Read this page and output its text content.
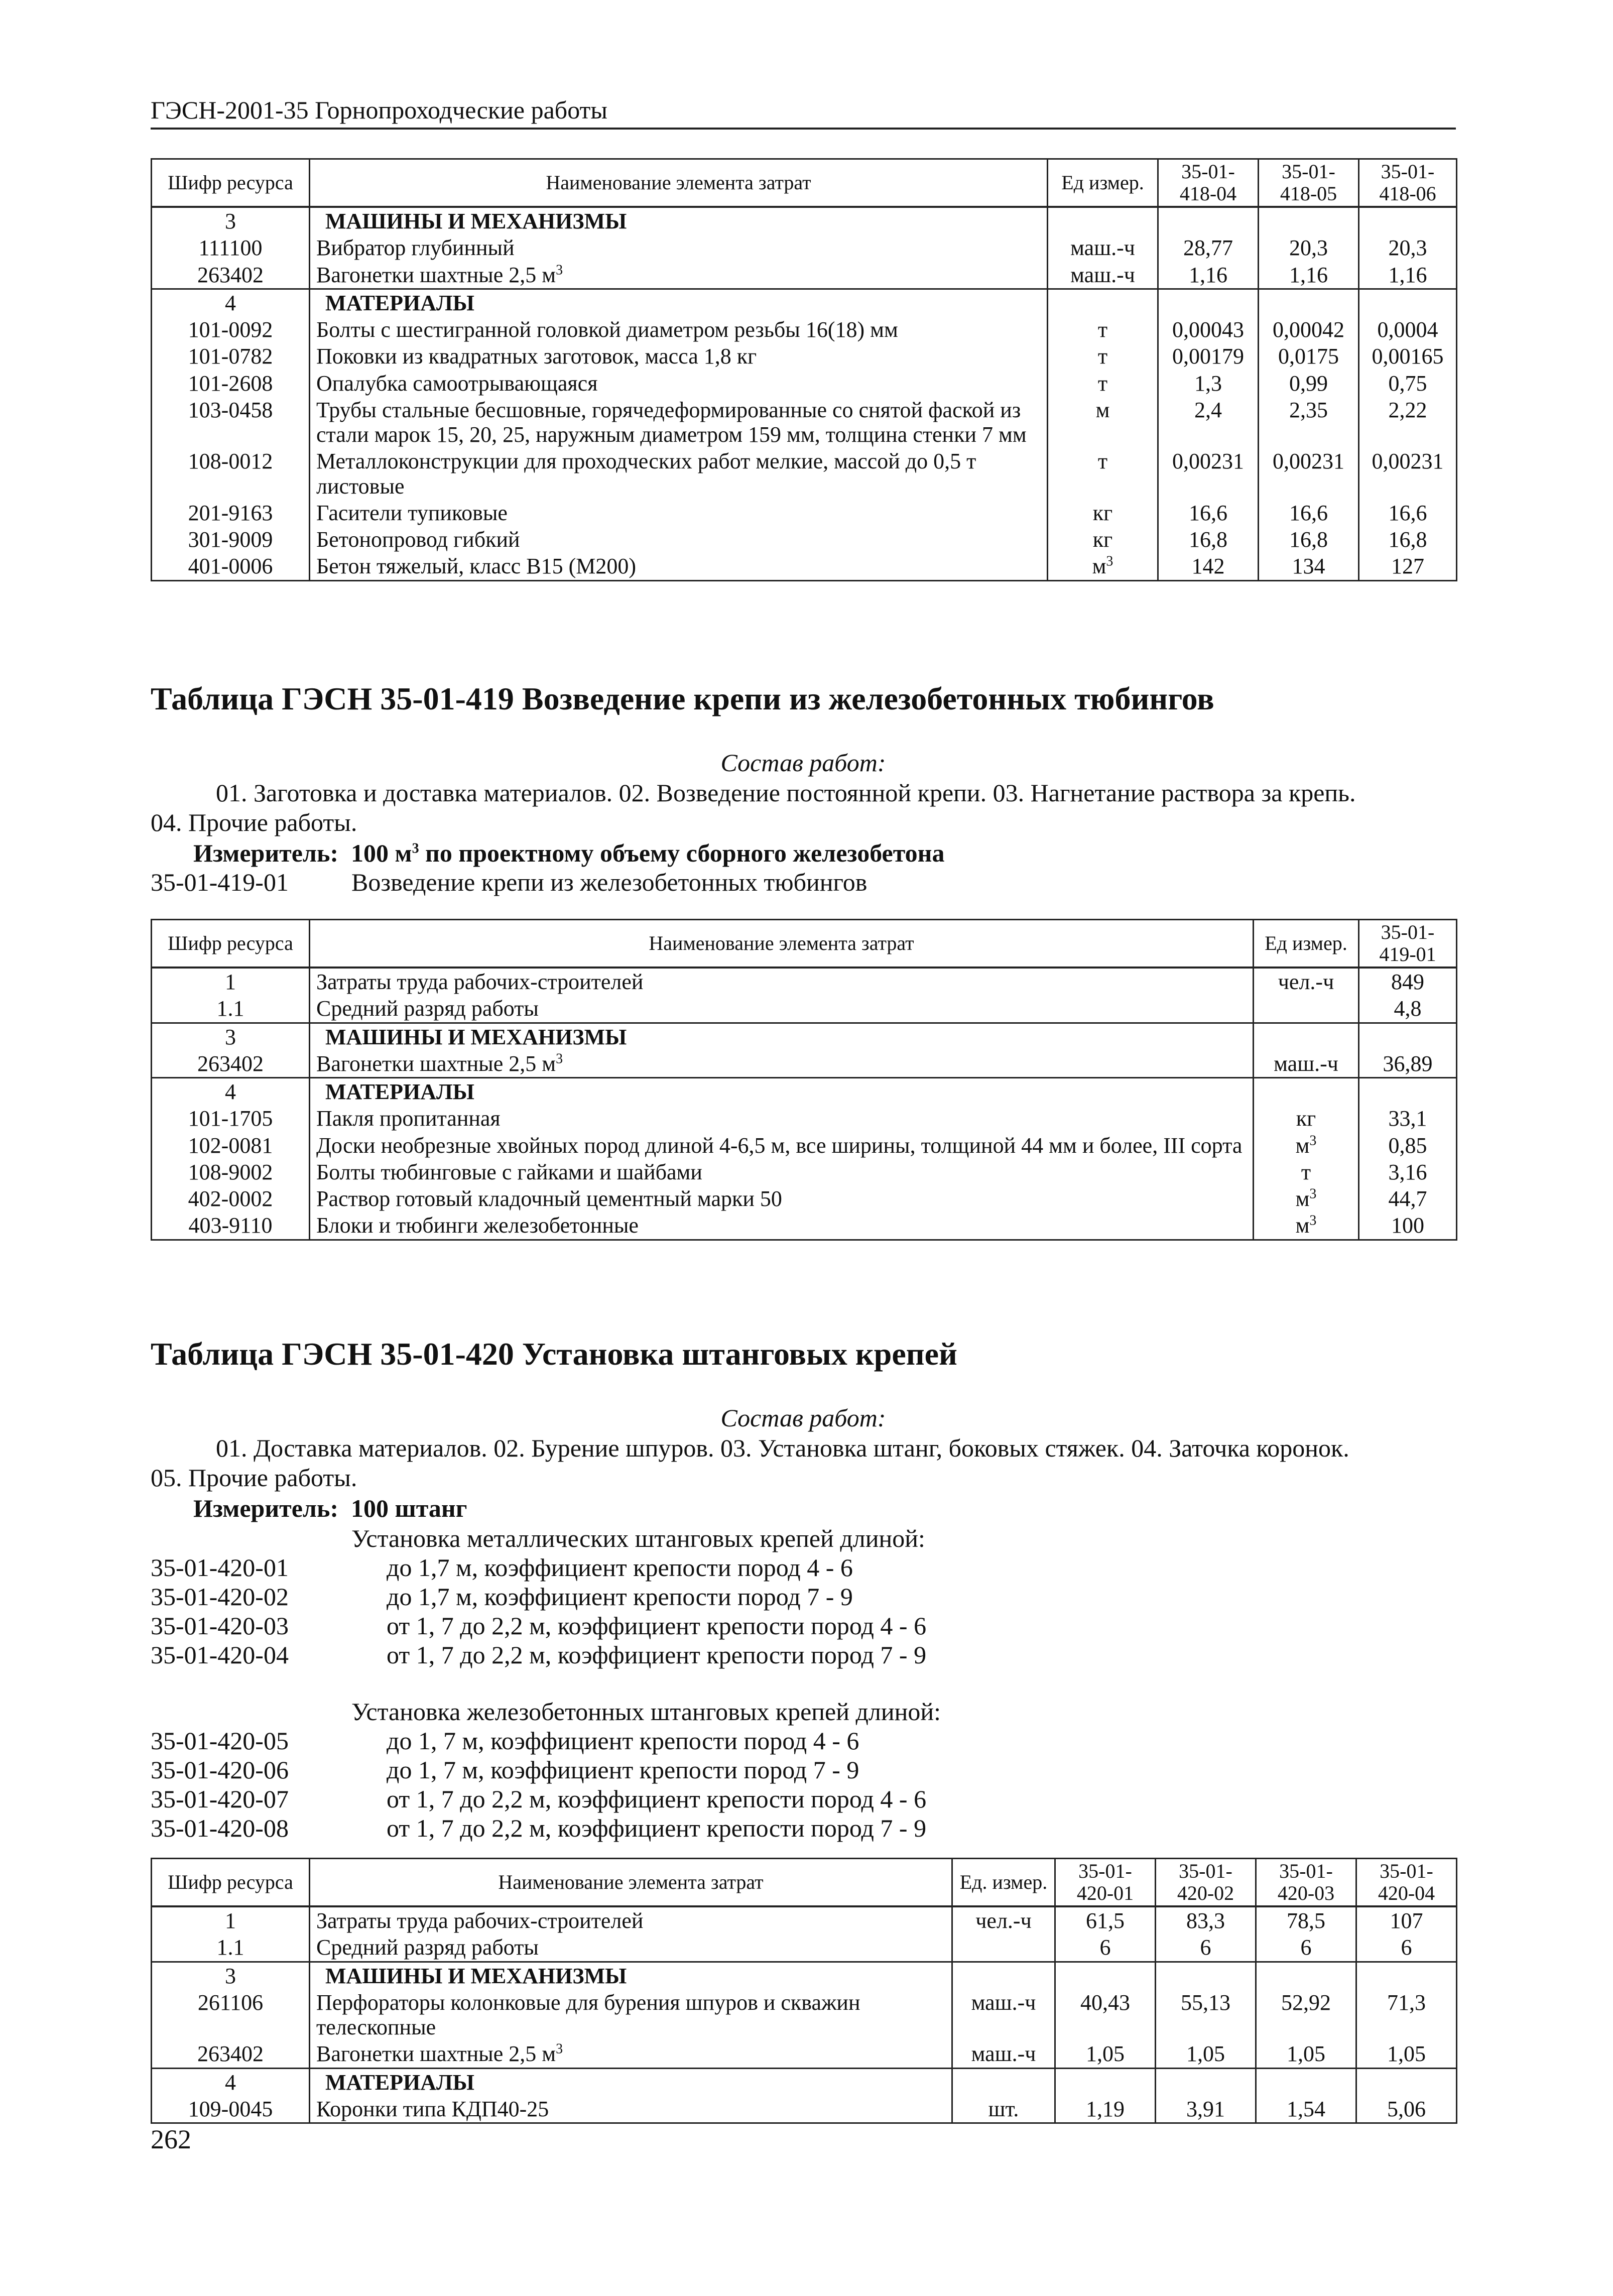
ГЭСН-2001-35 Горнопроходческие работы
Шифр ресурса	Наименование элемента затрат	Ед измер.	35-01-418-04	35-01-418-05	35-01-418-06
3	МАШИНЫ И МЕХАНИЗМЫ				
111100	Вибратор глубинный	маш.-ч	28,77	20,3	20,3
263402	Вагонетки шахтные 2,5 $м^3$	маш.-ч	1,16	1,16	1,16
4	МАТЕРИАЛЫ				
101-0092	Болты с шестигранной головкой диаметром резьбы 16(18) мм	т	0,00043	0,00042	0,0004
101-0782	Поковки из квадратных заготовок, масса 1,8 кг	т	0,00179	0,0175	0,00165
101-2608	Опалубка самоотрывающаяся	т	1,3	0,99	0,75
103-0458	Трубы стальные бесшовные, горячедеформированные со снятой фаской из стали марок 15, 20, 25, наружным диаметром 159 мм, толщина стенки 7 мм	м	2,4	2,35	2,22
108-0012	Металлоконструкции для проходческих работ мелкие, массой до 0,5 т листовые	т	0,00231	0,00231	0,00231
201-9163	Гасители тупиковые	кг	16,6	16,6	16,6
301-9009	Бетонопровод гибкий	кг	16,8	16,8	16,8
401-0006	Бетон тяжелый, класс В15 (М200)	$м^3$	142	134	127
Таблица ГЭСН 35-01-419 Возведение крепи из железобетонных тюбингов
Состав работ:
01. Заготовка и доставка материалов. 02. Возведение постоянной крепи. 03. Нагнетание раствора за крепь.
04. Прочие работы.
Измеритель: 100 $м^3$ по проектному объему сборного железобетона
35-01-419-01	Возведение крепи из железобетонных тюбингов
Шифр ресурса	Наименование элемента затрат	Ед измер.	35-01-419-01
1	Затраты труда рабочих-строителей	чел.-ч	849
1.1	Средний разряд работы		4,8
3	МАШИНЫ И МЕХАНИЗМЫ		
263402	Вагонетки шахтные 2,5 $м^3$	маш.-ч	36,89
4	МАТЕРИАЛЫ		
101-1705	Пакля пропитанная	кг	33,1
102-0081	Доски необрезные хвойных пород длиной 4-6,5 м, все ширины, толщиной 44 мм и более, III сорта	$м^3$	0,85
108-9002	Болты тюбинговые с гайками и шайбами	т	3,16
402-0002	Раствор готовый кладочный цементный марки 50	$м^3$	44,7
403-9110	Блоки и тюбинги железобетонные	$м^3$	100
Таблица ГЭСН 35-01-420 Установка штанговых крепей
Состав работ:
01. Доставка материалов. 02. Бурение шпуров. 03. Установка штанг, боковых стяжек. 04. Заточка коронок.
05. Прочие работы.
Измеритель: 100 штанг
Установка металлических штанговых крепей длиной:
35-01-420-01	до 1,7 м, коэффициент крепости пород 4 - 6
35-01-420-02	до 1,7 м, коэффициент крепости пород 7 - 9
35-01-420-03	от 1, 7 до 2,2 м, коэффициент крепости пород 4 - 6
35-01-420-04	от 1, 7 до 2,2 м, коэффициент крепости пород 7 - 9
Установка железобетонных штанговых крепей длиной:
35-01-420-05	до 1, 7 м, коэффициент крепости пород 4 - 6
35-01-420-06	до 1, 7 м, коэффициент крепости пород 7 - 9
35-01-420-07	от 1, 7 до 2,2 м, коэффициент крепости пород 4 - 6
35-01-420-08	от 1, 7 до 2,2 м, коэффициент крепости пород 7 - 9
Шифр ресурса	Наименование элемента затрат	Ед. измер.	35-01-420-01	35-01-420-02	35-01-420-03	35-01-420-04
1	Затраты труда рабочих-строителей	чел.-ч	61,5	83,3	78,5	107
1.1	Средний разряд работы		6	6	6	6
3	МАШИНЫ И МЕХАНИЗМЫ					
261106	Перфораторы колонковые для бурения шпуров и скважин телескопные	маш.-ч	40,43	55,13	52,92	71,3
263402	Вагонетки шахтные 2,5 $м^3$	маш.-ч	1,05	1,05	1,05	1,05
4	МАТЕРИАЛЫ					
109-0045	Коронки типа КДП40-25	шт.	1,19	3,91	1,54	5,06
262
